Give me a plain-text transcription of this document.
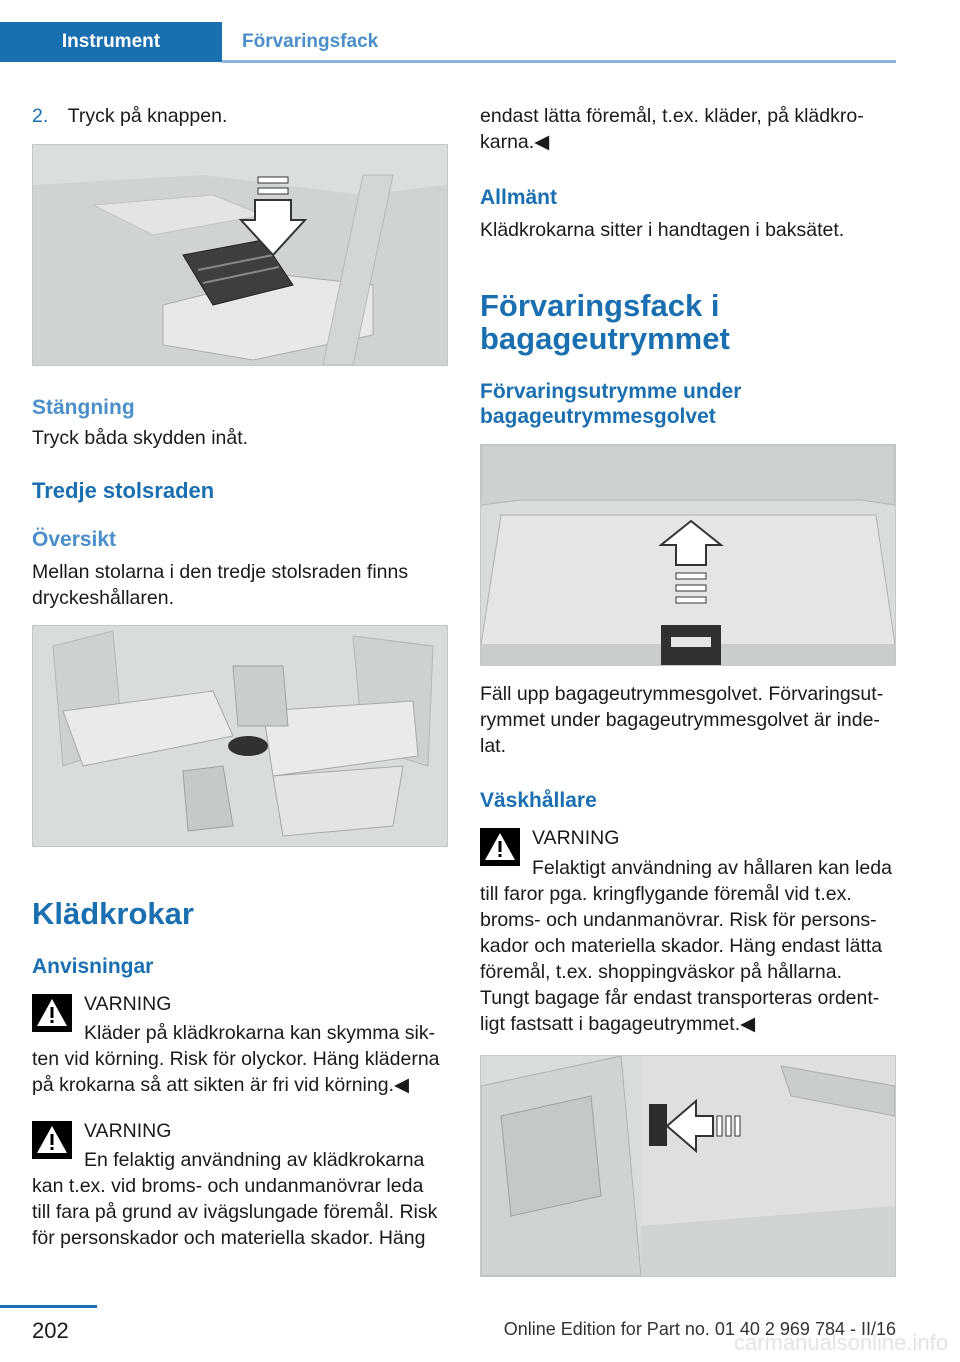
Instrument	Förvaringsfack

2. Tryck på knappen.

Stängning

Tryck båda skydden inåt.

Tredje stolsraden
Översikt

Mellan stolarna i den tredje stolsraden finns

dryckeshållaren.

Klädkrokar
Anvisningar

VARNING

Kläder på klädkrokarna kan skymma sik‐

ten vid körning. Risk för olyckor. Häng kläderna

på krokarna så att sikten är fri vid körning.◀

VARNING

En felaktig användning av klädkrokarna

kan t.ex. vid broms- och undanmanövrar leda

till fara på grund av ivägslungade föremål. Risk

för personskador och materiella skador. Häng

endast lätta föremål, t.ex. kläder, på klädkro‐

karna.◀

Allmänt

Klädkrokarna sitter i handtagen i baksätet.

Förvaringsfack i
bagageutrymmet
Förvaringsutrymme under
bagageutrymmesgolvet

Fäll upp bagageutrymmesgolvet. Förvaringsut‐

rymmet under bagageutrymmesgolvet är inde‐

lat.

Väskhållare

VARNING

Felaktigt användning av hållaren kan leda

till faror pga. kringflygande föremål vid t.ex.

broms- och undanmanövrar. Risk för persons‐

kador och materiella skador. Häng endast lätta

föremål, t.ex. shoppingväskor på hållarna.

Tungt bagage får endast transporteras ordent‐

ligt fastsatt i bagageutrymmet.◀

202	carmanualsonline.info
Online Edition for Part no. 01 40 2 969 784 - II/16
